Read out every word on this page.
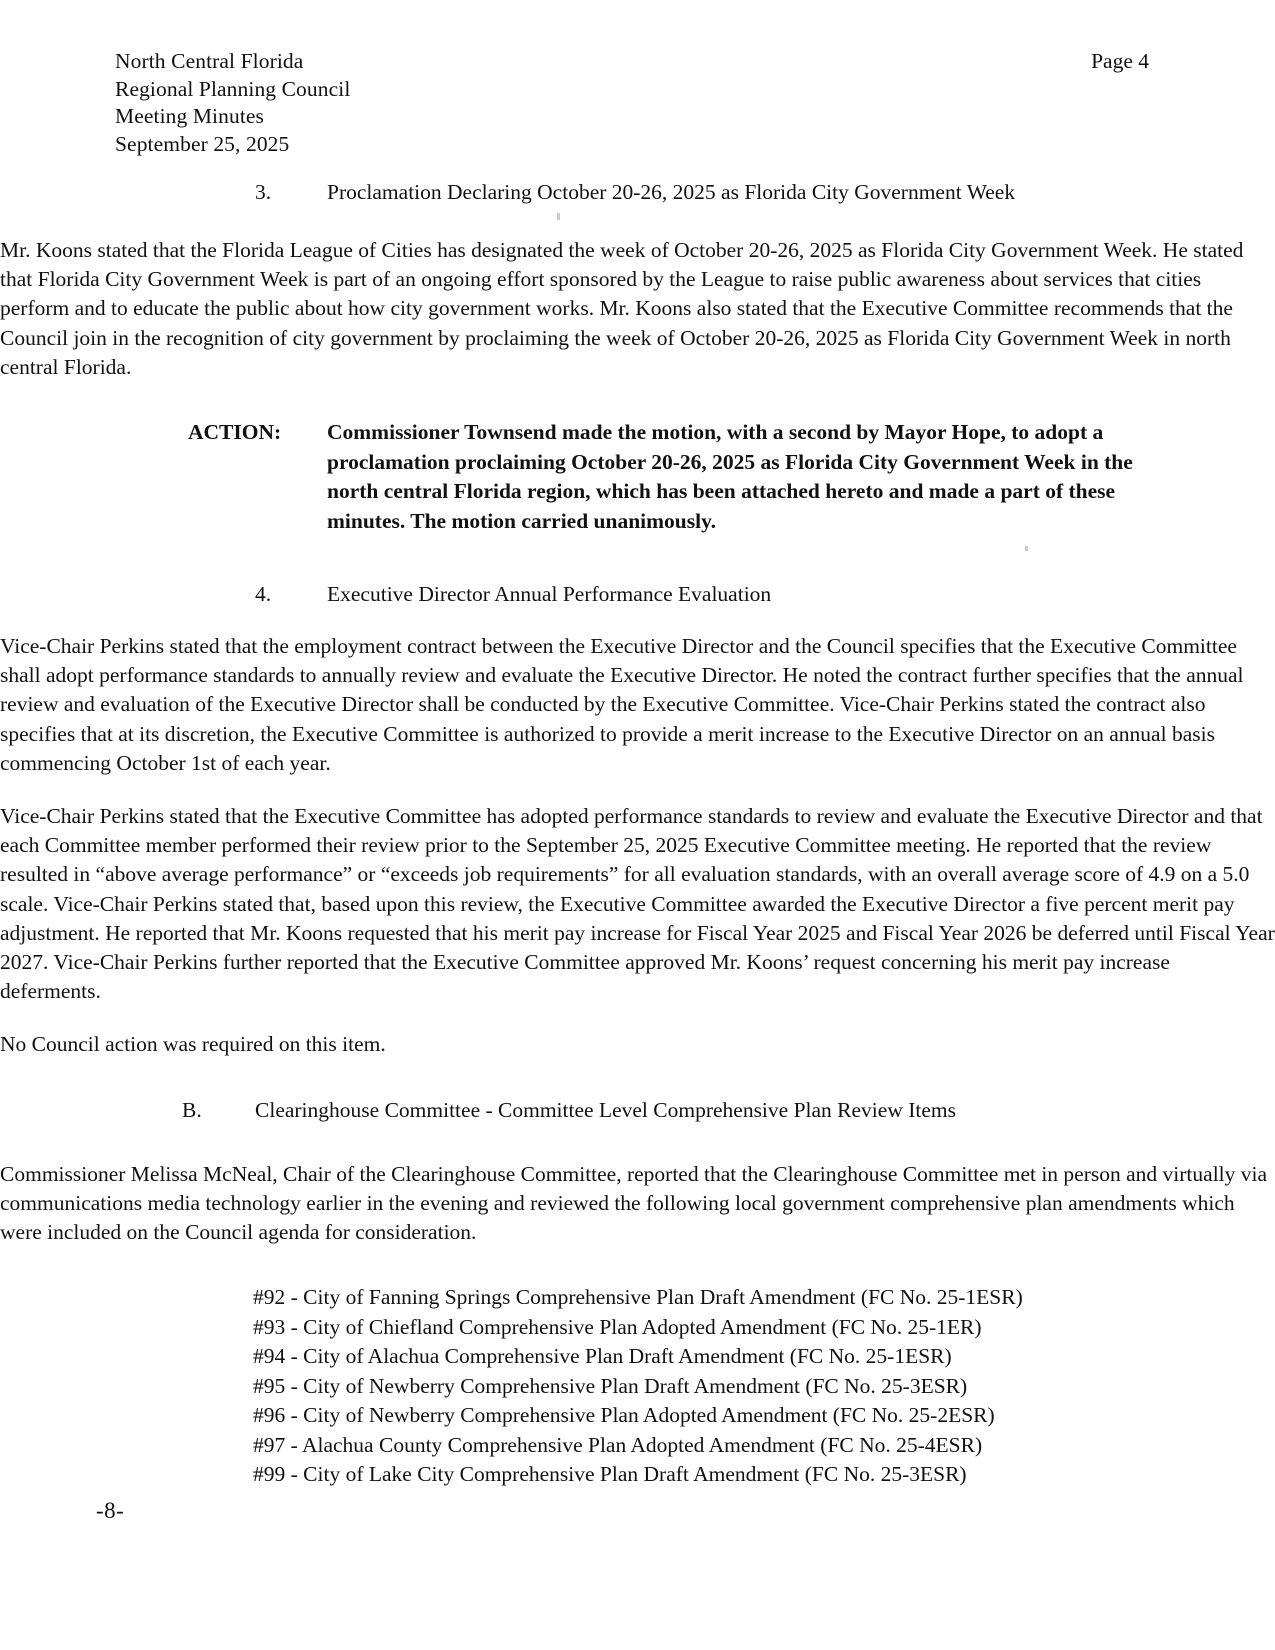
North Central Florida
Regional Planning Council
Meeting Minutes
September 25, 2025
Page 4
3.	Proclamation Declaring October 20-26, 2025 as Florida City Government Week

Mr. Koons stated that the Florida League of Cities has designated the week of October 20-26, 2025 as Florida City Government Week. He stated that Florida City Government Week is part of an ongoing effort sponsored by the League to raise public awareness about services that cities perform and to educate the public about how city government works. Mr. Koons also stated that the Executive Committee recommends that the Council join in the recognition of city government by proclaiming the week of October 20-26, 2025 as Florida City Government Week in north central Florida.

ACTION:	Commissioner Townsend made the motion, with a second by Mayor Hope, to adopt a proclamation proclaiming October 20-26, 2025 as Florida City Government Week in the north central Florida region, which has been attached hereto and made a part of these minutes. The motion carried unanimously.
4.	Executive Director Annual Performance Evaluation

Vice-Chair Perkins stated that the employment contract between the Executive Director and the Council specifies that the Executive Committee shall adopt performance standards to annually review and evaluate the Executive Director. He noted the contract further specifies that the annual review and evaluation of the Executive Director shall be conducted by the Executive Committee. Vice-Chair Perkins stated the contract also specifies that at its discretion, the Executive Committee is authorized to provide a merit increase to the Executive Director on an annual basis commencing October 1st of each year.

Vice-Chair Perkins stated that the Executive Committee has adopted performance standards to review and evaluate the Executive Director and that each Committee member performed their review prior to the September 25, 2025 Executive Committee meeting. He reported that the review resulted in “above average performance” or “exceeds job requirements” for all evaluation standards, with an overall average score of 4.9 on a 5.0 scale. Vice-Chair Perkins stated that, based upon this review, the Executive Committee awarded the Executive Director a five percent merit pay adjustment. He reported that Mr. Koons requested that his merit pay increase for Fiscal Year 2025 and Fiscal Year 2026 be deferred until Fiscal Year 2027. Vice-Chair Perkins further reported that the Executive Committee approved Mr. Koons’ request concerning his merit pay increase deferments.

No Council action was required on this item.

B.	Clearinghouse Committee - Committee Level Comprehensive Plan Review Items

Commissioner Melissa McNeal, Chair of the Clearinghouse Committee, reported that the Clearinghouse Committee met in person and virtually via communications media technology earlier in the evening and reviewed the following local government comprehensive plan amendments which were included on the Council agenda for consideration.

#92 - City of Fanning Springs Comprehensive Plan Draft Amendment (FC No. 25-1ESR)
#93 - City of Chiefland Comprehensive Plan Adopted Amendment (FC No. 25-1ER)
#94 - City of Alachua Comprehensive Plan Draft Amendment (FC No. 25-1ESR)
#95 - City of Newberry Comprehensive Plan Draft Amendment (FC No. 25-3ESR)
#96 - City of Newberry Comprehensive Plan Adopted Amendment (FC No. 25-2ESR)
#97 - Alachua County Comprehensive Plan Adopted Amendment (FC No. 25-4ESR)
#99 - City of Lake City Comprehensive Plan Draft Amendment (FC No. 25-3ESR)
-8-
